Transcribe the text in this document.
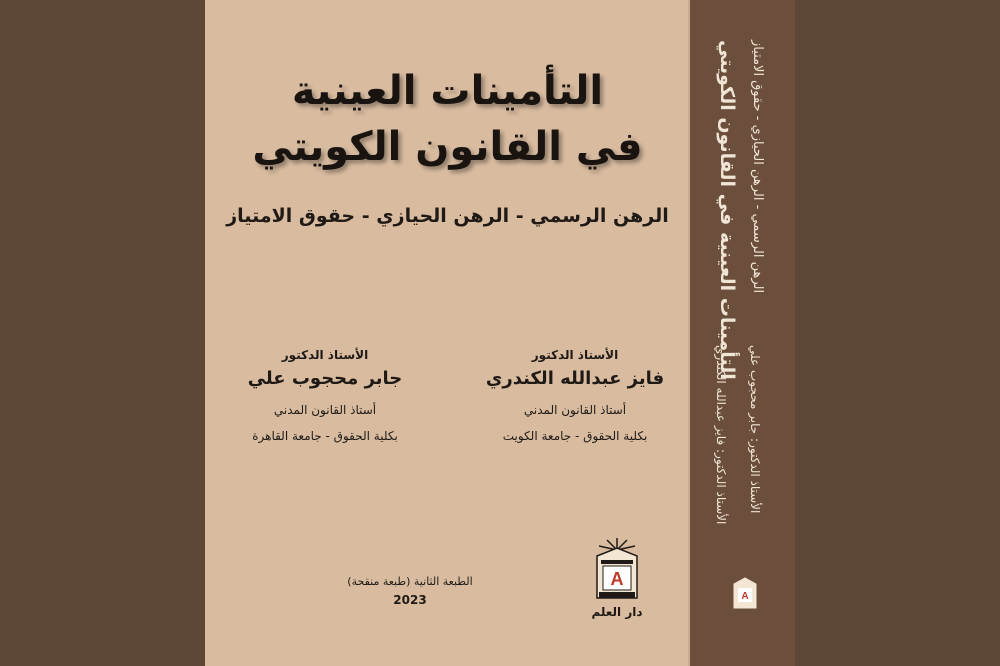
التأمينات العينية
في القانون الكويتي
الرهن الرسمي - الرهن الحيازي - حقوق الامتياز
الأستاذ الدكتور
فايز عبدالله الكندري
أستاذ القانون المدني
بكلية الحقوق - جامعة الكويت
الأستاذ الدكتور
جابر محجوب علي
أستاذ القانون المدني
بكلية الحقوق - جامعة القاهرة
الطبعة الثانية (طبعة منقحة)
2023
A
دار العلم
التأمينات العينية في القانون الكويتي الرهن الرسمي - الرهن الحيازي - حقوق الامتياز
الأستاذ الدكتور: فايز عبدالله الكندري الأستاذ الدكتور: جابر محجوب علي
A
